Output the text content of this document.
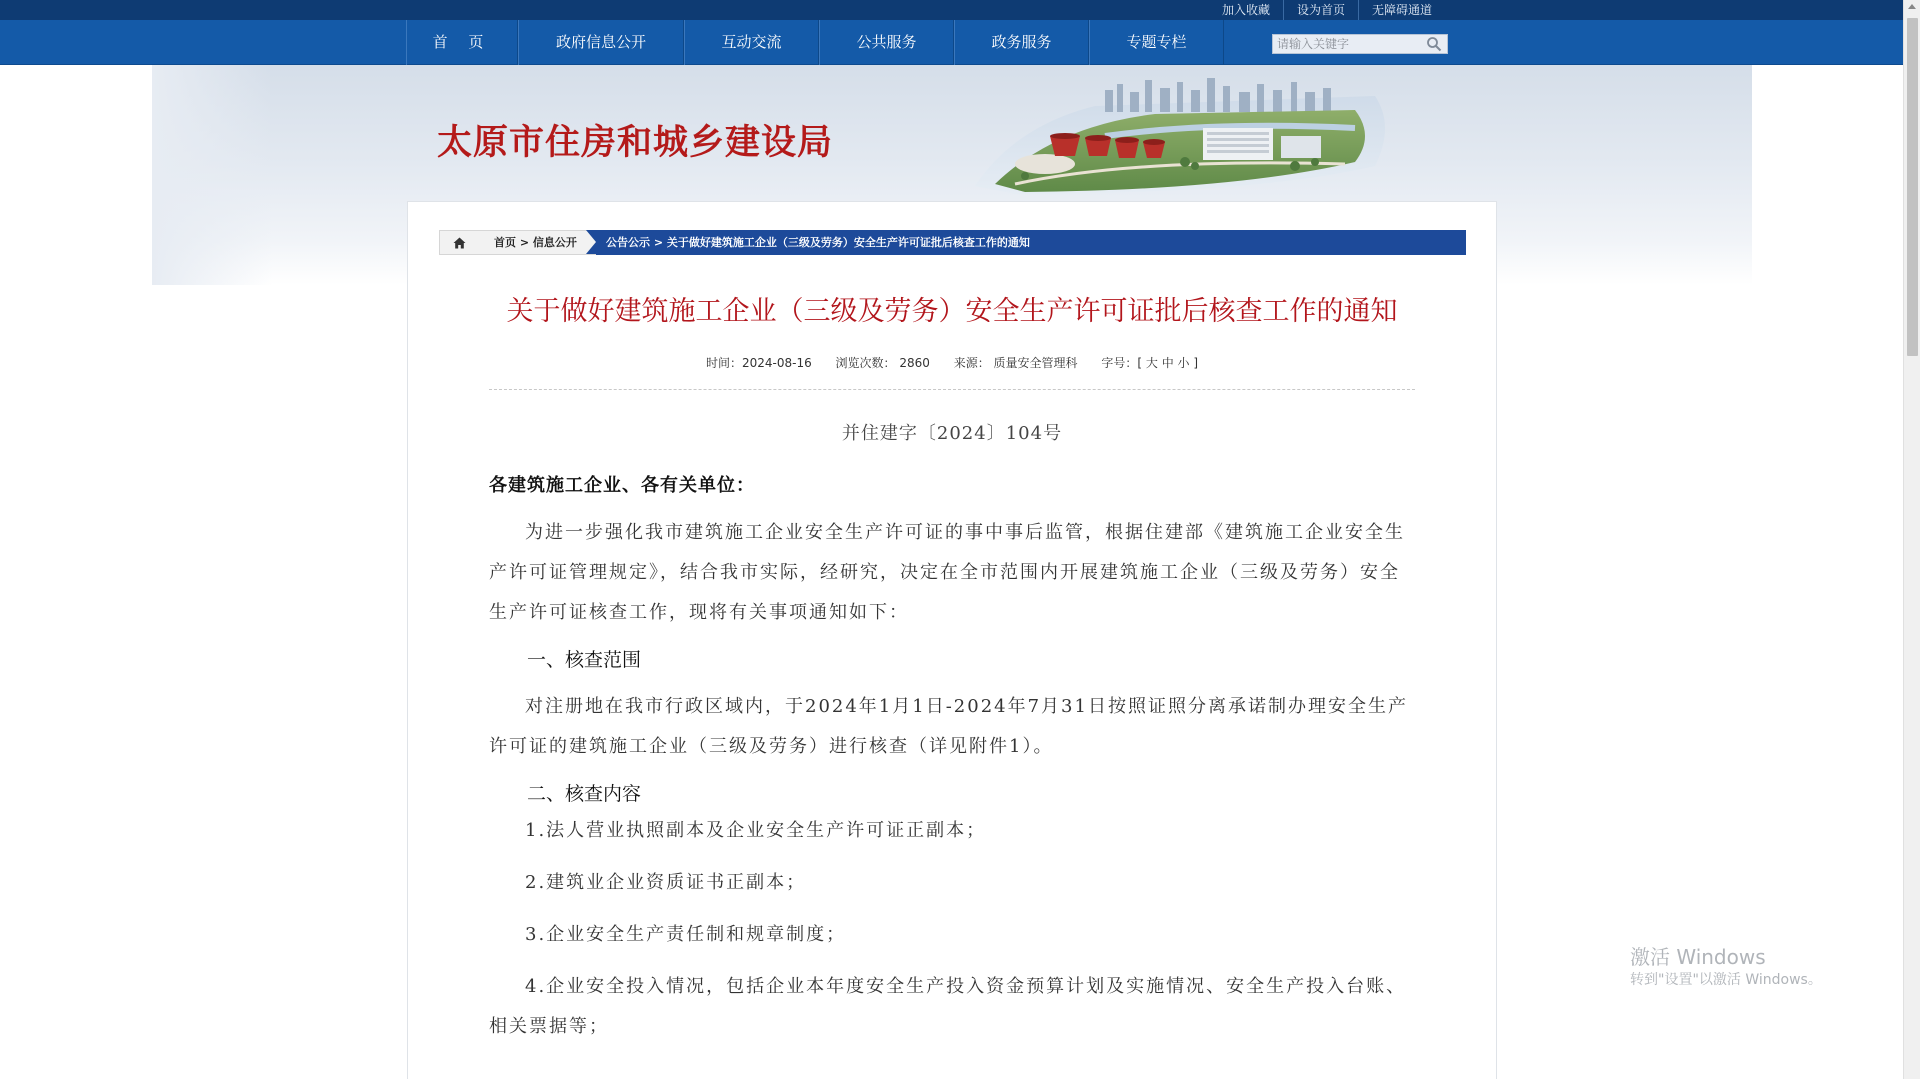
加入收藏	设为首页	无障碍通道
首 页	政府信息公开	互动交流	公共服务	政务服务	专题专栏
请输入关键字
太原市住房和城乡建设局
首页 > 信息公开	公告公示 > 关于做好建筑施工企业（三级及劳务）安全生产许可证批后核查工作的通知
关于做好建筑施工企业（三级及劳务）安全生产许可证批后核查工作的通知
时间：2024-08-16 浏览次数： 2860 来源： 质量安全管理科 字号：[ 大 中 小 ]
并住建字〔2024〕104号
各建筑施工企业、各有关单位：
为进一步强化我市建筑施工企业安全生产许可证的事中事后监管，根据住建部《建筑施工企业安全生产许可证管理规定》，结合我市实际，经研究，决定在全市范围内开展建筑施工企业（三级及劳务）安全生产许可证核查工作，现将有关事项通知如下：
一、核查范围
对注册地在我市行政区域内，于2024年1月1日-2024年7月31日按照证照分离承诺制办理安全生产许可证的建筑施工企业（三级及劳务）进行核查（详见附件1）。
二、核查内容
1.法人营业执照副本及企业安全生产许可证正副本；
2.建筑业企业资质证书正副本；
3.企业安全生产责任制和规章制度；
4.企业安全投入情况，包括企业本年度安全生产投入资金预算计划及实施情况、安全生产投入台账、相关票据等；
激活 Windows
转到"设置"以激活 Windows。
